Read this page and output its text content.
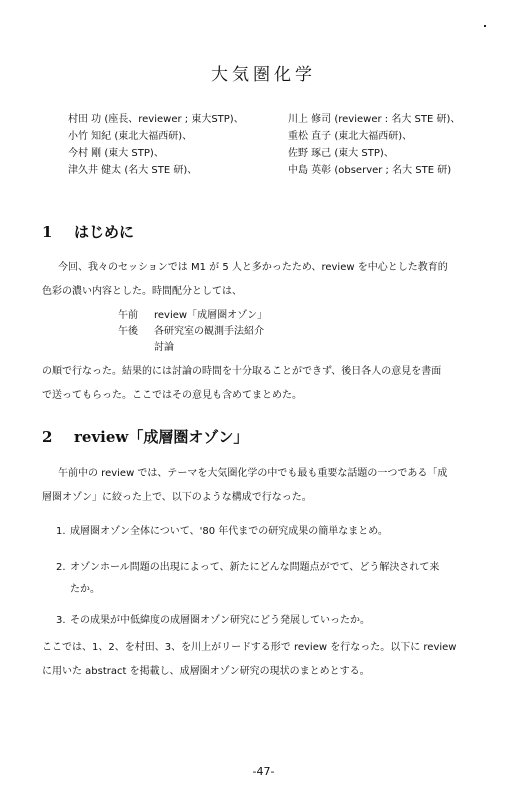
大気圏化学
村田 功 (座長、reviewer ; 東大STP)、	川上 修司 (reviewer : 名大 STE 研)、
小竹 知紀 (東北大福西研)、	重松 直子 (東北大福西研)、
今村 剛 (東大 STP)、	佐野 琢己 (東大 STP)、
津久井 健太 (名大 STE 研)、	中島 英彰 (observer ; 名大 STE 研)
1 はじめに
今回、我々のセッションでは M1 が 5 人と多かったため、review を中心とした教育的
色彩の濃い内容とした。時間配分としては、
午前 review「成層圏オゾン」
午後 各研究室の観測手法紹介
討論
の順で行なった。結果的には討論の時間を十分取ることができず、後日各人の意見を書面
で送ってもらった。ここではその意見も含めてまとめた。
2 review「成層圏オゾン」
午前中の review では、テーマを大気圏化学の中でも最も重要な話題の一つである「成
層圏オゾン」に絞った上で、以下のような構成で行なった。
1. 成層圏オゾン全体について、'80 年代までの研究成果の簡単なまとめ。
2. オゾンホール問題の出現によって、新たにどんな問題点がでて、どう解決されて来
たか。
3. その成果が中低緯度の成層圏オゾン研究にどう発展していったか。
ここでは、1、2、を村田、3、を川上がリードする形で review を行なった。以下に review
に用いた abstract を掲載し、成層圏オゾン研究の現状のまとめとする。
-47-
